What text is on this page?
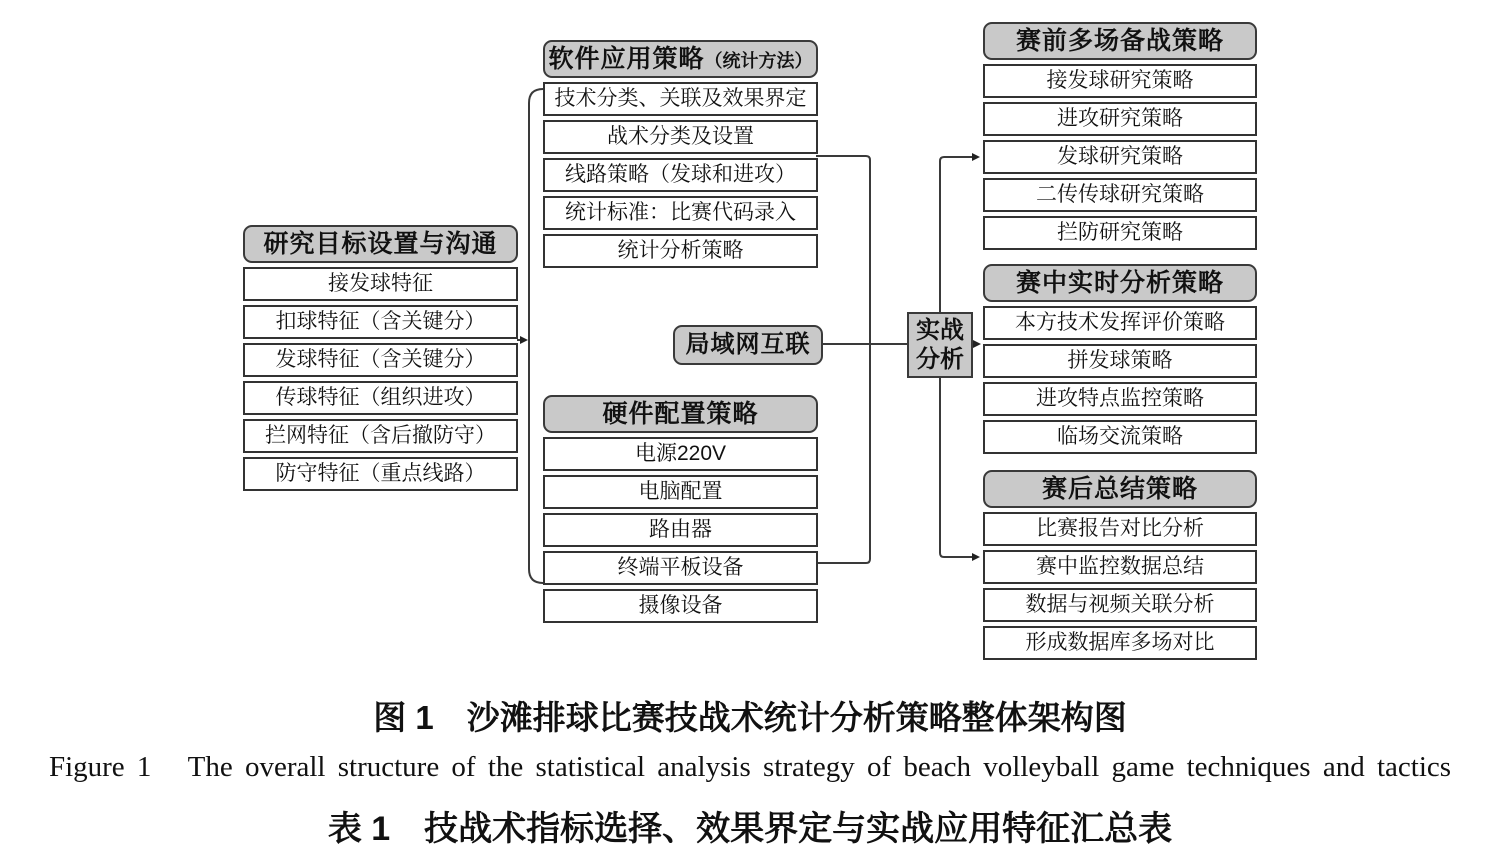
研究目标设置与沟通
接发球特征
扣球特征（含关键分）
发球特征（含关键分）
传球特征（组织进攻）
拦网特征（含后撤防守）
防守特征（重点线路）
软件应用策略（统计方法）
技术分类、关联及效果界定
战术分类及设置
线路策略（发球和进攻）
统计标准：比赛代码录入
统计分析策略
硬件配置策略
电源220V
电脑配置
路由器
终端平板设备
摄像设备
局域网互联
实战
分析
赛前多场备战策略
接发球研究策略
进攻研究策略
发球研究策略
二传传球研究策略
拦防研究策略
赛中实时分析策略
本方技术发挥评价策略
拼发球策略
进攻特点监控策略
临场交流策略
赛后总结策略
比赛报告对比分析
赛中监控数据总结
数据与视频关联分析
形成数据库多场对比
图 1　沙滩排球比赛技战术统计分析策略整体架构图
Figure 1   The overall structure of the statistical analysis strategy of beach volleyball game techniques and tactics
表 1　技战术指标选择、效果界定与实战应用特征汇总表
